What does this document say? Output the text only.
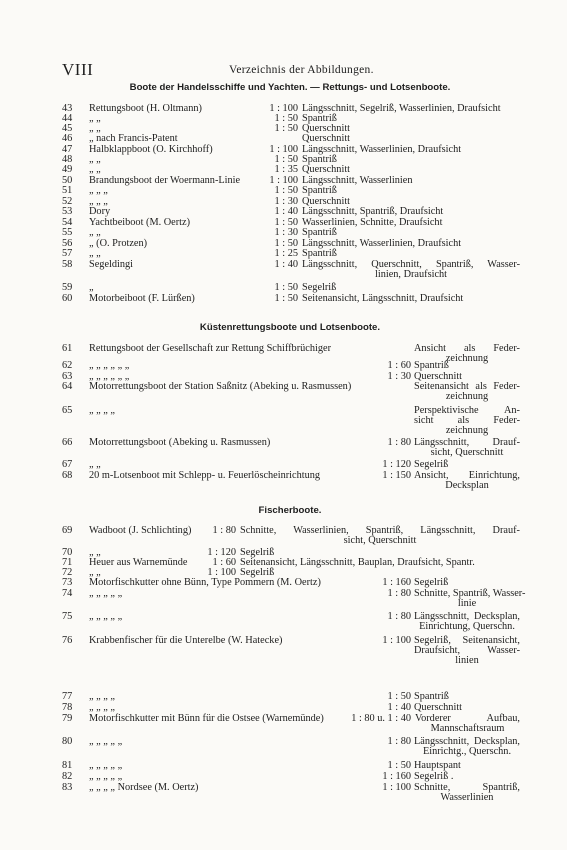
VIII	Verzeichnis der Abbildungen.
Boote der Handelsschiffe und Yachten. — Rettungs- und Lotsenboote.
43	Rettungsboot (H. Oltmann)	1 : 100 Längsschnitt, Segelriß, Wasserlinien, Draufsicht
44	„ „	1 : 50 Spantriß
45	„ „	1 : 50 Querschnitt
46	„ nach Francis-Patent	Querschnitt
47	Halbklappboot (O. Kirchhoff)	1 : 100 Längsschnitt, Wasserlinien, Draufsicht
48	„ „	1 : 50 Spantriß
49	„ „	1 : 35 Querschnitt
50	Brandungsboot der Woermann-Linie	1 : 100 Längsschnitt, Wasserlinien
51	„ „ „	1 : 50 Spantriß
52	„ „ „	1 : 30 Querschnitt
53	Dory	1 : 40 Längsschnitt, Spantriß, Draufsicht
54	Yachtbeiboot (M. Oertz)	1 : 50 Wasserlinien, Schnitte, Draufsicht
55	„ „	1 : 30 Spantriß
56	„ (O. Protzen)	1 : 50 Längsschnitt, Wasserlinien, Draufsicht
57	„ „	1 : 25 Spantriß
58	Segeldingi	1 : 40 Längsschnitt, Querschnitt, Spantriß, Wasser-
linien, Draufsicht
59	„	1 : 50 Segelriß
60	Motorbeiboot (F. Lürßen)	1 : 50 Seitenansicht, Längsschnitt, Draufsicht
Küstenrettungsboote und Lotsenboote.
61	Rettungsboot der Gesellschaft zur Rettung Schiffbrüchiger	Ansicht als Feder-
zeichnung
62	„ „ „ „ „ „	1 : 60 Spantriß
63	„ „ „ „ „ „	1 : 30 Querschnitt
64	Motorrettungsboot der Station Saßnitz (Abeking u. Rasmussen)	Seitenansicht als Feder-
zeichnung
65	„ „ „ „	Perspektivische An-
sicht als Feder-
zeichnung
66	Motorrettungsboot (Abeking u. Rasmussen)	1 : 80 Längsschnitt, Drauf-
sicht, Querschnitt
67	„ „	1 : 120 Segelriß
68	20 m-Lotsenboot mit Schlepp- u. Feuerlöscheinrichtung	1 : 150 Ansicht, Einrichtung,
Decksplan
Fischerboote.
69	Wadboot (J. Schlichting)	1 : 80 Schnitte, Wasserlinien, Spantriß, Längsschnitt, Drauf-
sicht, Querschnitt
70	„ „	1 : 120 Segelriß
71	Heuer aus Warnemünde	1 : 60 Seitenansicht, Längsschnitt, Bauplan, Draufsicht, Spantr.
72	„ „	1 : 100 Segelriß
73	Motorfischkutter ohne Bünn, Type Pommern (M. Oertz)	1 : 160 Segelriß
74	„ „ „ „ „	1 : 80 Schnitte, Spantriß, Wasser-
linie
75	„ „ „ „ „	1 : 80 Längsschnitt, Decksplan,
Einrichtung, Querschn.
76	Krabbenfischer für die Unterelbe (W. Hatecke)	1 : 100 Segelriß, Seitenansicht,
Draufsicht, Wasser-
linien
77	„ „ „ „	1 : 50 Spantriß
78	„ „ „ „	1 : 40 Querschnitt
79	Motorfischkutter mit Bünn für die Ostsee (Warnemünde)	1 : 80 u. 1 : 40 Vorderer Aufbau,
Mannschaftsraum
80	„ „ „ „ „	1 : 80 Längsschnitt, Decksplan,
Einrichtg., Querschn.
81	„ „ „ „ „	1 : 50 Hauptspant
82	„ „ „ „ „	1 : 160 Segelriß .
83	„ „ „ „ Nordsee (M. Oertz)	1 : 100 Schnitte, Spantriß,
Wasserlinien
